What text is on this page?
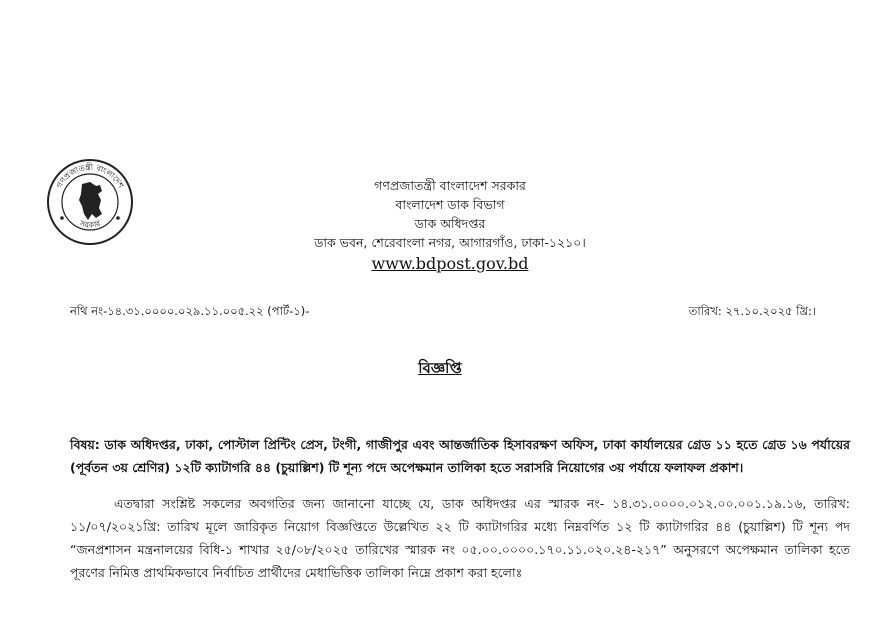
গণপ্রজাতন্ত্রী বাংলাদেশ
সরকার
গণপ্রজাতন্ত্রী বাংলাদেশ সরকার
বাংলাদেশ ডাক বিভাগ
ডাক অধিদপ্তর
ডাক ভবন, শেরেবাংলা নগর, আগারগাঁও, ঢাকা-১২১০।
www.bdpost.gov.bd
নথি নং-১৪.৩১.০০০০.০২৯.১১.০০৫.২২ (পার্ট-১)-	তারিখ: ২৭.১০.২০২৫ খ্রি:।
বিজ্ঞপ্তি
বিষয়: ডাক অধিদপ্তর, ঢাকা, পোস্টাল প্রিন্টিং প্রেস, টংগী, গাজীপুর এবং আন্তর্জাতিক হিসাবরক্ষণ অফিস, ঢাকা কার্যালয়ের গ্রেড ১১ হতে গ্রেড ১৬ পর্যায়ের (পূর্বতন ৩য় শ্রেণির) ১২টি ক্যাটাগরি ৪৪ (চুয়াল্লিশ) টি শূন্য পদে অপেক্ষমান তালিকা হতে সরাসরি নিয়োগের ৩য় পর্যায়ে ফলাফল প্রকাশ।
এতদ্বারা সংশ্লিষ্ট সকলের অবগতির জন্য জানানো যাচ্ছে যে, ডাক অধিদপ্তর এর স্মারক নং- ১৪.৩১.০০০০.০১২.০০.০০১.১৯.১৬, তারিখ: ১১/০৭/২০২১খ্রি: তারিখ মূলে জারিকৃত নিয়োগ বিজ্ঞপ্তিতে উল্লেখিত ২২ টি ক্যাটাগরির মধ্যে নিম্নবর্ণিত ১২ টি ক্যাটাগরির ৪৪ (চুয়াল্লিশ) টি শূন্য পদ “জনপ্রশাসন মন্ত্রনালয়ের বিধি-১ শাখার ২৫/০৮/২০২৫ তারিখের স্মারক নং ০৫.০০.০০০০.১৭০.১১.০২০.২৪-২১৭” অনুসরণে অপেক্ষমান তালিকা হতে পূরণের নিমিত্ত প্রাথমিকভাবে নির্বাচিত প্রার্থীদের মেধাভিত্তিক তালিকা নিম্নে প্রকাশ করা হলোঃ
